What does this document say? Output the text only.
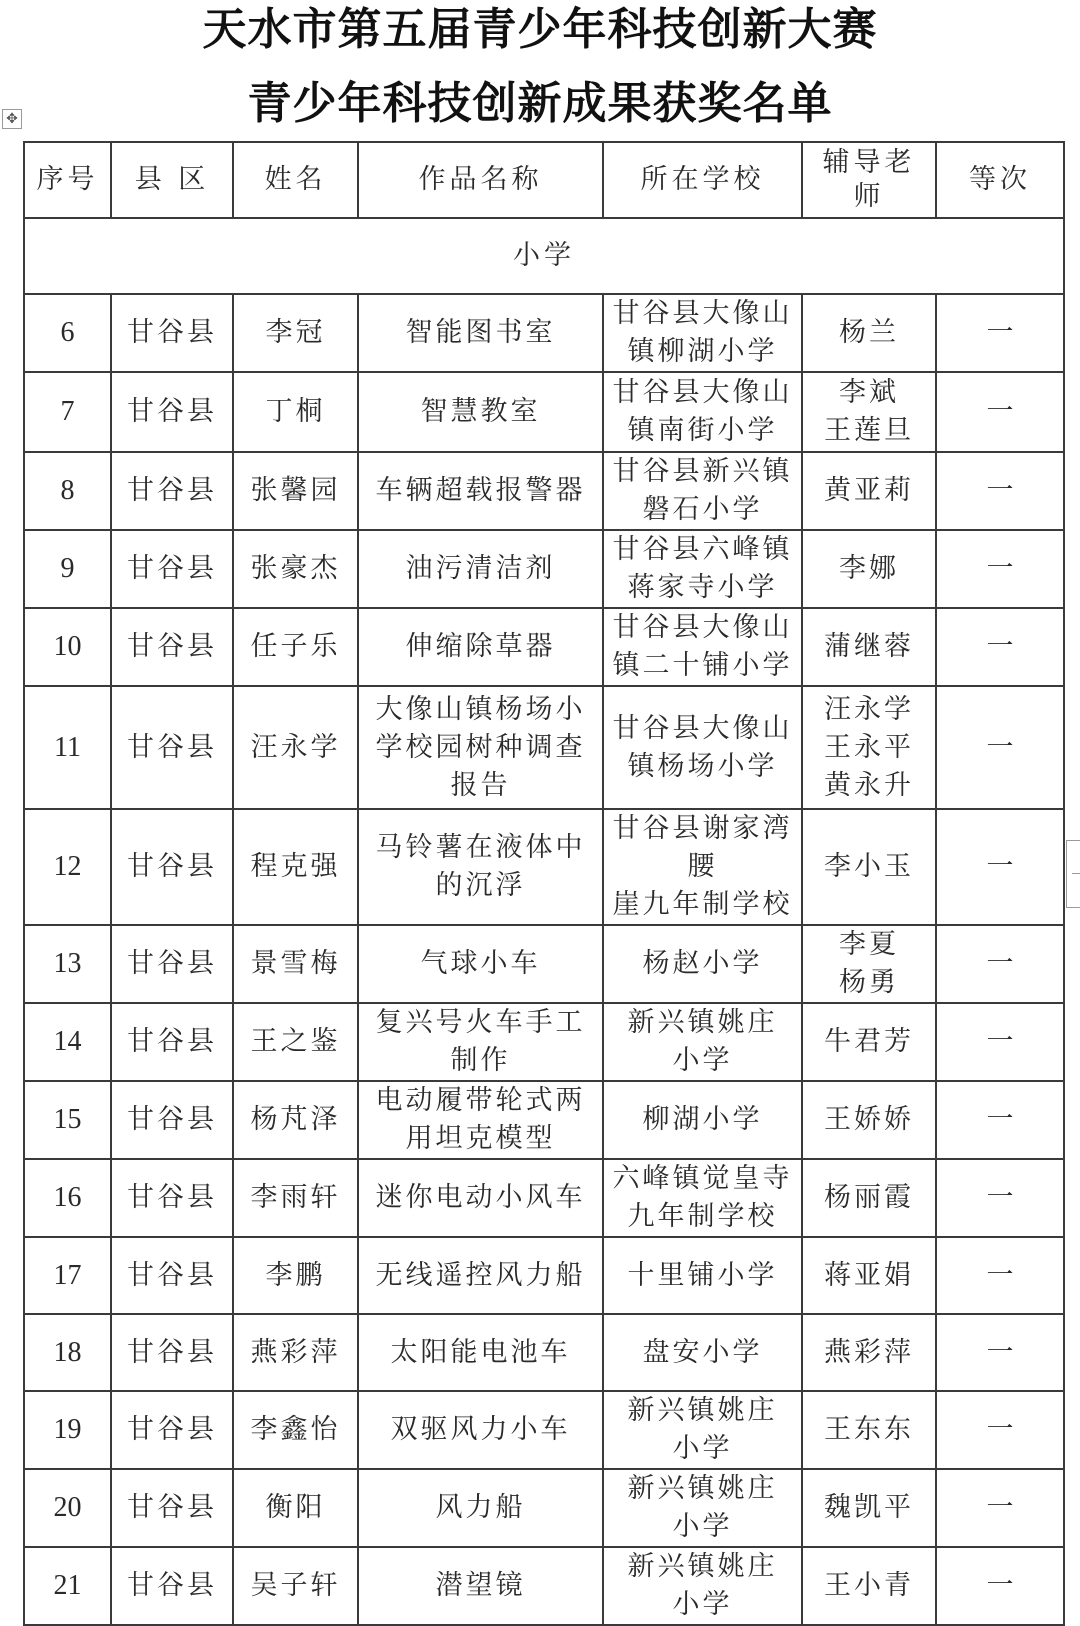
天水市第五届青少年科技创新大赛
青少年科技创新成果获奖名单
✥
序号	县 区	姓名	作品名称	所在学校	辅导老
师	等次
小学						
6	甘谷县	李冠	智能图书室	甘谷县大像山
镇柳湖小学	杨兰	一
7	甘谷县	丁桐	智慧教室	甘谷县大像山
镇南街小学	李斌
王莲旦	一
8	甘谷县	张馨园	车辆超载报警器	甘谷县新兴镇
磐石小学	黄亚莉	一
9	甘谷县	张豪杰	油污清洁剂	甘谷县六峰镇
蒋家寺小学	李娜	一
10	甘谷县	任子乐	伸缩除草器	甘谷县大像山
镇二十铺小学	蒲继蓉	一
11	甘谷县	汪永学	大像山镇杨场小
学校园树种调查
报告	甘谷县大像山
镇杨场小学	汪永学
王永平
黄永升	一
12	甘谷县	程克强	马铃薯在液体中
的沉浮	甘谷县谢家湾腰
崖九年制学校	李小玉	一
13	甘谷县	景雪梅	气球小车	杨赵小学	李夏
杨勇	一
14	甘谷县	王之鉴	复兴号火车手工
制作	新兴镇姚庄
小学	牛君芳	一
15	甘谷县	杨芃泽	电动履带轮式两
用坦克模型	柳湖小学	王娇娇	一
16	甘谷县	李雨轩	迷你电动小风车	六峰镇觉皇寺
九年制学校	杨丽霞	一
17	甘谷县	李鹏	无线遥控风力船	十里铺小学	蒋亚娟	一
18	甘谷县	燕彩萍	太阳能电池车	盘安小学	燕彩萍	一
19	甘谷县	李鑫怡	双驱风力小车	新兴镇姚庄
小学	王东东	一
20	甘谷县	衡阳	风力船	新兴镇姚庄
小学	魏凯平	一
21	甘谷县	吴子轩	潜望镜	新兴镇姚庄
小学	王小青	一
